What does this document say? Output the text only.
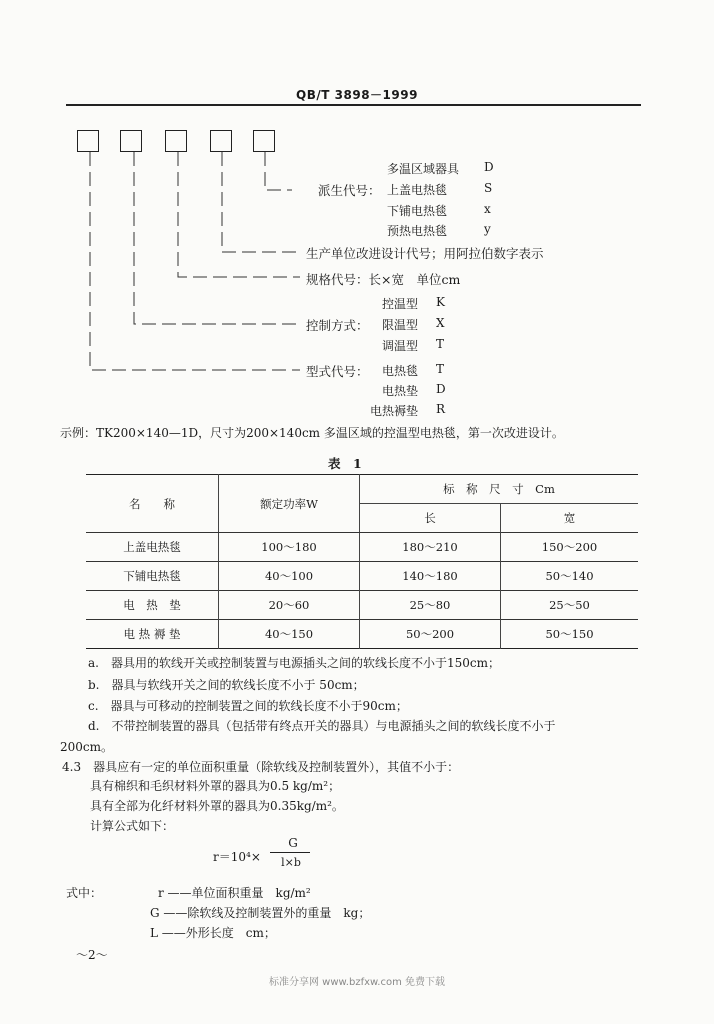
QB/T 3898－1999
派生代号：
多温区域器具 D
上盖电热毯	S
下铺电热毯	x
预热电热毯	y
生产单位改进设计代号；用阿拉伯数字表示
规格代号：长×宽　单位cm
控制方式：
控温型 K
限温型 X
调温型 T
型式代号： 电热毯 T
电热垫 D
电热褥垫 R
示例：TK200×140—1D，尺寸为200×140cm 多温区域的控温型电热毯，第一次改进设计。
表　1
名　　称	额定功率W	标　称　尺　寸　Cm	
		长	宽
上盖电热毯	100～180	180～210	150～200
下铺电热毯	40～100	140～180	50～140
电　热　垫	20～60	25～80	25～50
电 热 褥 垫	40～150	50～200	50～150
a.　器具用的软线开关或控制装置与电源插头之间的软线长度不小于150cm；
b.　器具与软线开关之间的软线长度不小于 50cm；
c.　器具与可移动的控制装置之间的软线长度不小于90cm；
d.　不带控制装置的器具（包括带有终点开关的器具）与电源插头之间的软线长度不小于
200cm。
4.3　器具应有一定的单位面积重量（除软线及控制装置外），其值不小于：
具有棉织和毛织材料外罩的器具为0.5 kg/m²；
具有全部为化纤材料外罩的器具为0.35kg/m²。
计算公式如下：
r＝10⁴×
G
l×b
式中：	r ——单位面积重量　kg/m²
G ——除软线及控制装置外的重量　kg；
L ——外形长度　cm；
～2～
标准分享网 www.bzfxw.com 免费下载
